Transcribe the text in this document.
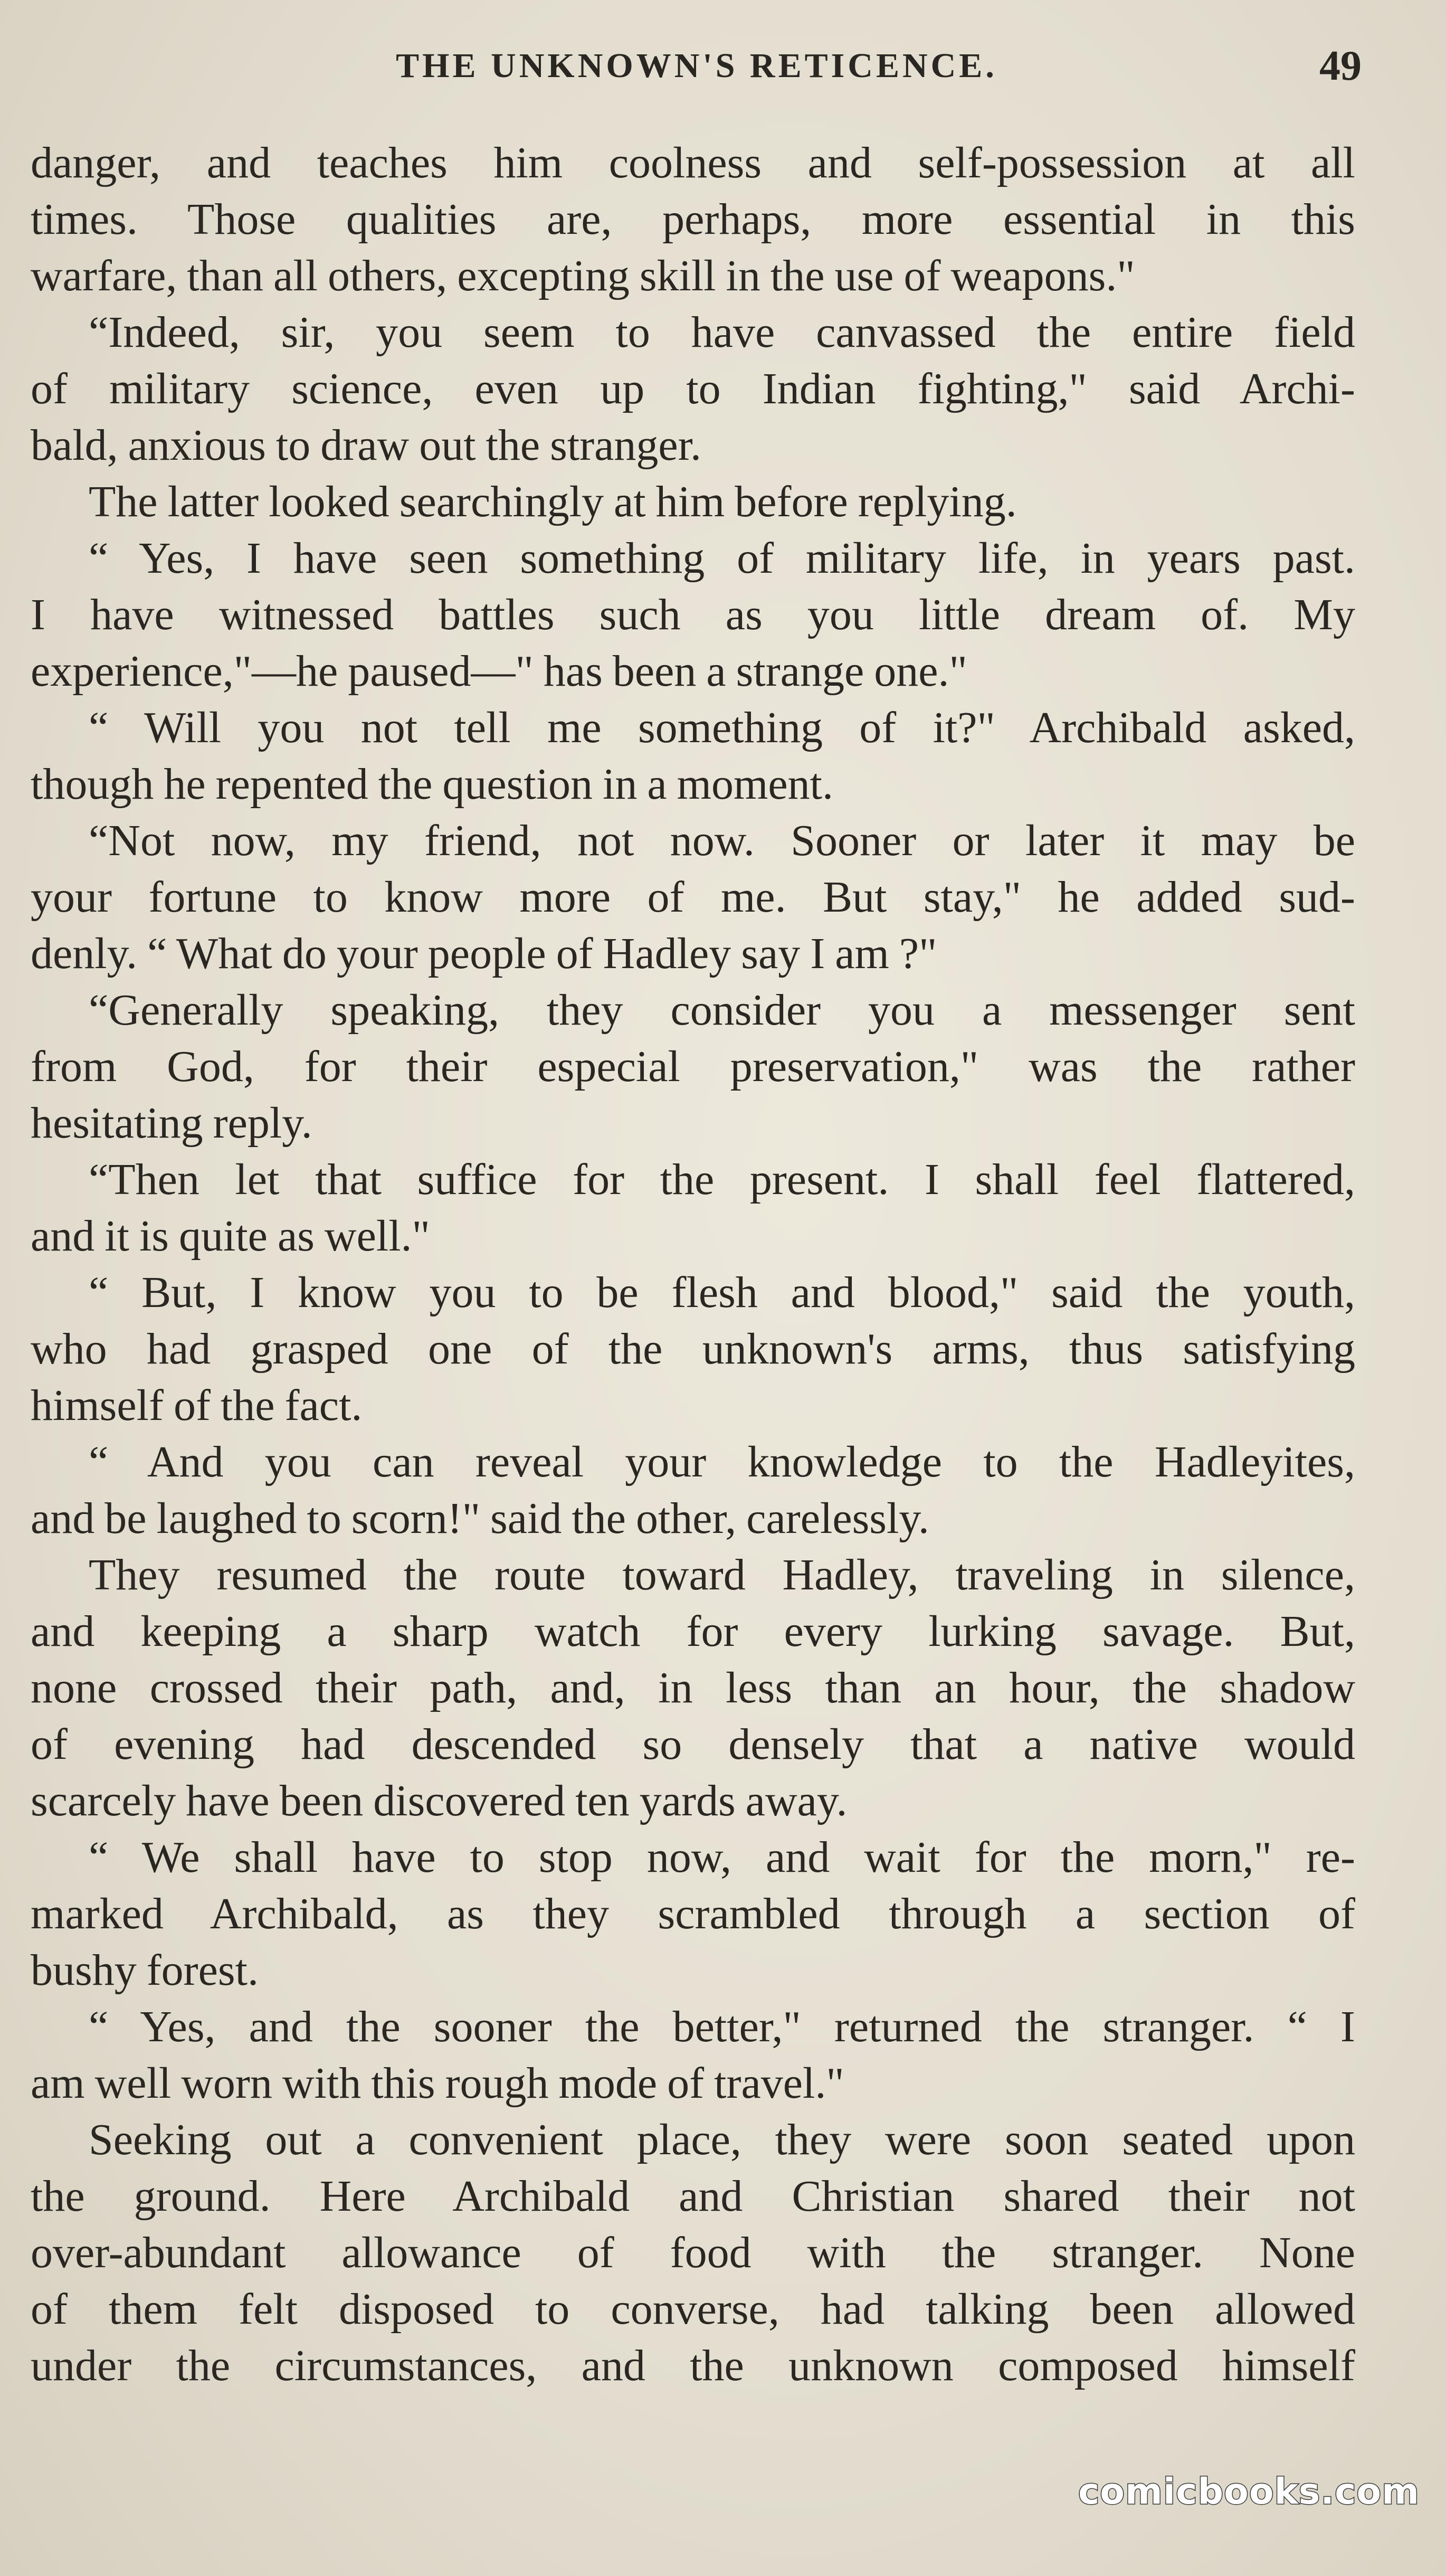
THE UNKNOWN'S RETICENCE.	49
danger, and teaches him coolness and self-possession at all
times. Those qualities are, perhaps, more essential in this
warfare, than all others, excepting skill in the use of weapons."
“Indeed, sir, you seem to have canvassed the entire field
of military science, even up to Indian fighting," said Archi-
bald, anxious to draw out the stranger.
The latter looked searchingly at him before replying.
“ Yes, I have seen something of military life, in years past.
I have witnessed battles such as you little dream of. My
experience,"—he paused—" has been a strange one."
“ Will you not tell me something of it?" Archibald asked,
though he repented the question in a moment.
“Not now, my friend, not now. Sooner or later it may be
your fortune to know more of me. But stay," he added sud-
denly. “ What do your people of Hadley say I am ?"
“Generally speaking, they consider you a messenger sent
from God, for their especial preservation," was the rather
hesitating reply.
“Then let that suffice for the present. I shall feel flattered,
and it is quite as well."
“ But, I know you to be flesh and blood," said the youth,
who had grasped one of the unknown's arms, thus satisfying
himself of the fact.
“ And you can reveal your knowledge to the Hadleyites,
and be laughed to scorn!" said the other, carelessly.
They resumed the route toward Hadley, traveling in silence,
and keeping a sharp watch for every lurking savage. But,
none crossed their path, and, in less than an hour, the shadow
of evening had descended so densely that a native would
scarcely have been discovered ten yards away.
“ We shall have to stop now, and wait for the morn," re-
marked Archibald, as they scrambled through a section of
bushy forest.
“ Yes, and the sooner the better," returned the stranger. “ I
am well worn with this rough mode of travel."
Seeking out a convenient place, they were soon seated upon
the ground. Here Archibald and Christian shared their not
over-abundant allowance of food with the stranger. None
of them felt disposed to converse, had talking been allowed
under the circumstances, and the unknown composed himself
comicbooks.com
